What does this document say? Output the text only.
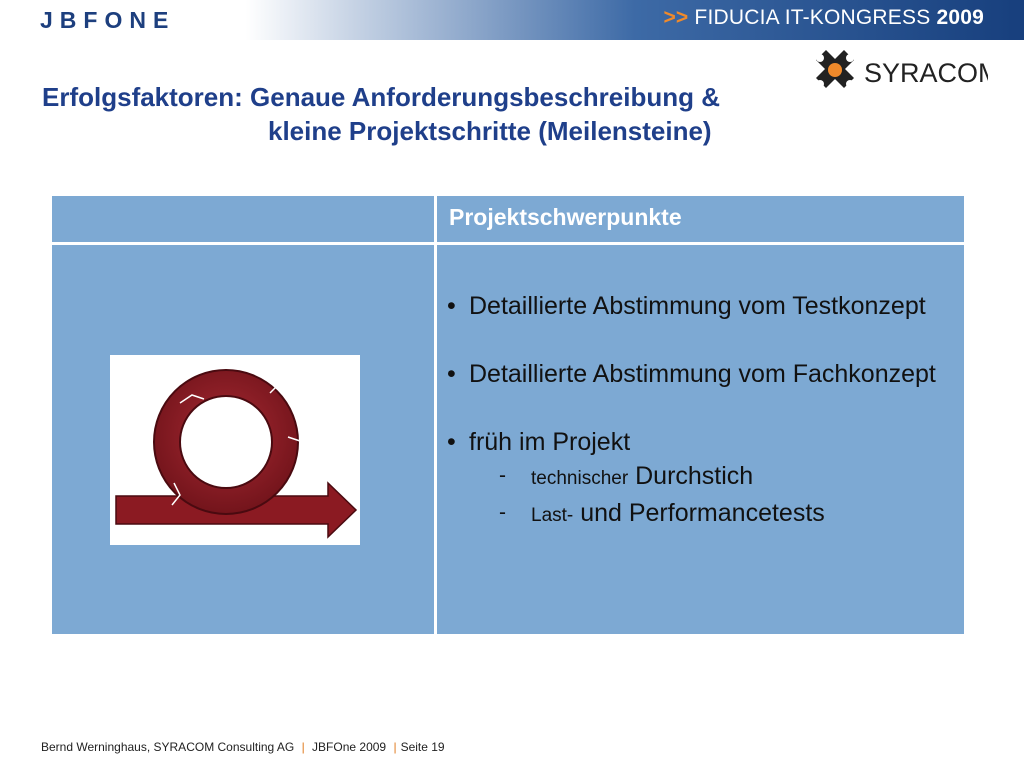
JBFONE	>> FIDUCIA IT-KONGRESS 2009
SYRACOM
Erfolgsfaktoren: Genaue Anforderungsbeschreibung &
kleine Projektschritte (Meilensteine)
Projektschwerpunkte
• Detaillierte Abstimmung vom Testkonzept
• Detaillierte Abstimmung vom Fachkonzept
• früh im Projekt
- technischer Durchstich
- Last- und Performancetests
Bernd Werninghaus, SYRACOM Consulting AG | JBFOne 2009 | Seite 19
